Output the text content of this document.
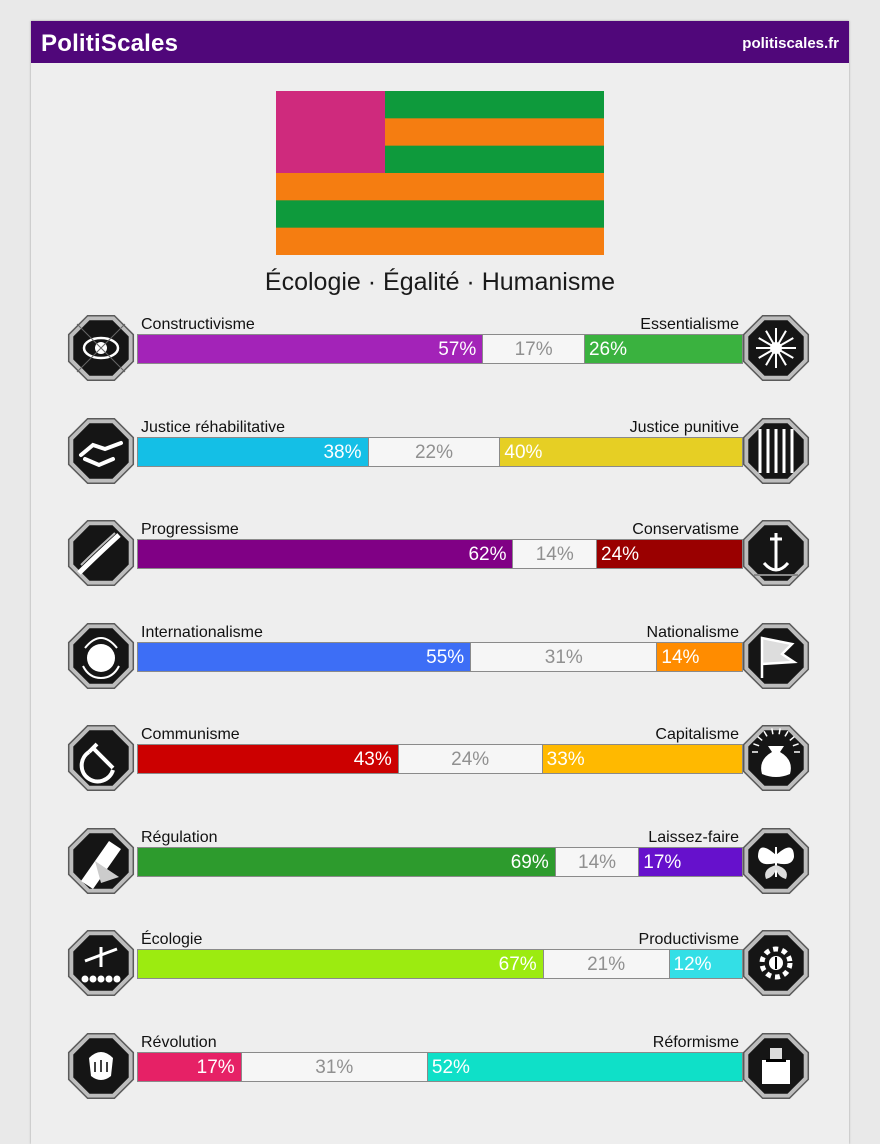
PolitiScales	politiscales.fr
Écologie · Égalité · Humanisme
Constructivisme	Essentialisme
57%	17%	26%
Justice réhabilitative	Justice punitive
38%	22%	40%
Progressisme	Conservatisme
62%	14%	24%
Internationalisme	Nationalisme
55%	31%	14%
Communisme	Capitalisme
43%	24%	33%
Régulation	Laissez-faire
69%	14%	17%
Écologie	Productivisme
67%	21%	12%
Révolution	Réformisme
17%	31%	52%
